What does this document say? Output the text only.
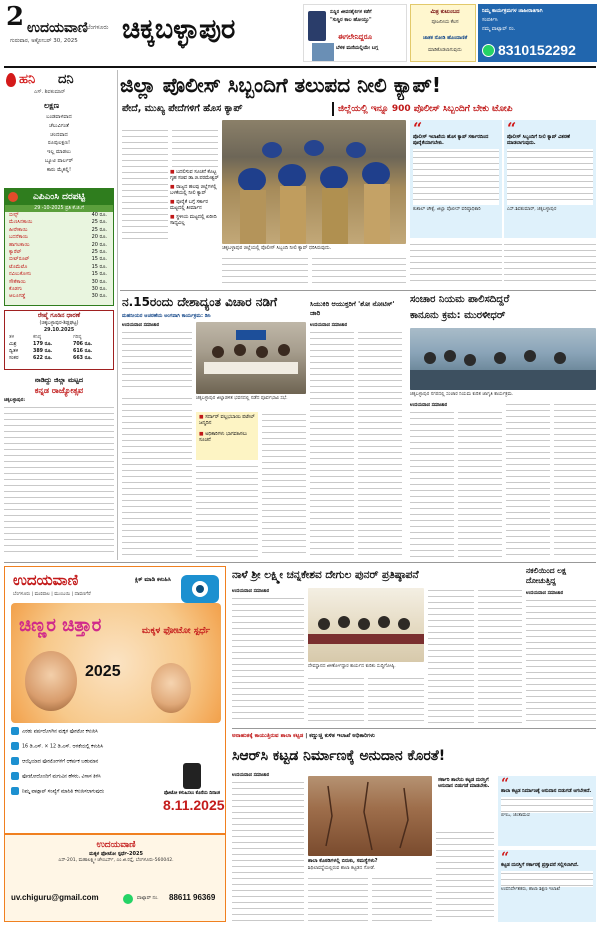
2 ಉದಯವಾಣಿ
ಬೆಂಗಳೂರು
ಗುರುವಾರ, ಅಕ್ಟೋಬರ್ 30, 2025 ಚಿಕ್ಕಬಳ್ಳಾಪುರ
ಸುಸ್ಥಿರ ಜೀವನಶೈಲಿಗಳ ಕಡೆಗೆ
"ಸುಸ್ಥಿರ ಕಾಲ ಹೋಯ್ತು"
ಈಗಲೇನಿದ್ದರೂ
ಬೆಳಕ ಮನೆಯಲ್ಲಿಯೇ ಬಗ್ಗ
ಮಿತ್ರ ಕುಟುಂಬದ
ಪೂಜನೀಯ ಕೆಲಸ
ಜಾತಕ ನೋಡಿ ಹೊಂದಾಣಿಕೆ
ಮಾಡಿಕೊಡಲಾಗುವುದು
ನಿಮ್ಮ ಕಾರ್ಯಕ್ರಮಗಳ ಜಾಹೀರಾತಿಗಾಗಿ
ಸಂಪರ್ಕಿಸಿ
ನಮ್ಮ ವಾಟ್ಸಾಪ್ ನಂ.
8310152292
ಹನಿ ದನಿ
ಎಸ್. ಶಿವಕುಮಾರ್
ಲಕ್ಷಣ
ಬಂಡವಾಳವಾದ
ಚೆಲುವಿಗಂತೆ
ಚಂದವಾದ
ರೂಪುಲಕ್ಷಣ!
ಇಲ್ಲ ಮಾಡಲು
ಬ್ಯೂಟಿ ಪಾರ್ಲರ್
ಕಾರು ಮೈಕಲ್ಲಿ!
ಎಪಿಎಂಸಿ ದರಪಟ್ಟಿ
29 -10-2025 ಪ್ರತಿ ಕೆ.ಜಿ.ಗೆ
ಬೀನ್ಸ್	40 ರೂ.
ಮೆಣಸಿನಕಾಯಿ	25 ರೂ.
ಹೀರೇಕಾಯಿ	25 ರೂ.
ಬದನೆಕಾಯಿ	20 ರೂ.
ಹಾಗಲಕಾಯಿ	20 ರೂ.
ಕ್ಯಾರೆಟ್	25 ರೂ.
ಬೀಟ್‌ರೂಟ್	15 ರೂ.
ಟೊಮೆಟೊ	15 ರೂ.
ನವಿಲುಕೋಸು	15 ರೂ.
ಸೌತೆಕಾಯಿ	30 ರೂ.
ಕೊಡಗು	30 ರೂ.
ಆಲೂಗಡ್ಡೆ	30 ರೂ.
ರೇಷ್ಮೆ ಗೂಡಿನ ಧಾರಣೆ
(ಚಿಕ್ಕಬಳ್ಳಾಪುರ-ಶಿಡ್ಲಘಟ್ಟ)
29.10.2025
ತಳಿ	ಕನಿಷ್ಠ	ಗರಿಷ್ಠ
ಮಿಶ್ರ	179 ರೂ.	706 ರೂ.
ದ್ವಿತಳಿ	389 ರೂ.	616 ರೂ.
ಸಂಕರ	622 ರೂ.	663 ರೂ.
ನಾಡಿದ್ದು ಜಿಲ್ಲಾ ಮಟ್ಟದ
ಕನ್ನಡ ರಾಜ್ಯೋತ್ಸವ
ಚಿಕ್ಕಬಳ್ಳಾಪುರ:
ಜಿಲ್ಲಾ ಪೊಲೀಸ್ ಸಿಬ್ಬಂದಿಗೆ ತಲುಪದ ನೀಲಿ ಕ್ಯಾಪ್!
ಪೇದೆ, ಮುಖ್ಯ ಪೇದೆಗಳಿಗೆ ಹೊಸ ಕ್ಯಾಪ್	ಜಿಲ್ಲೆಯಲ್ಲಿ ಇನ್ನೂ 900 ಪೊಲೀಸ್ ಸಿಬ್ಬಂದಿಗೆ ಬೇಕು ಟೋಪಿ
■ ಬದಲಿಸುವ ಸೂಚನೆ ಕೊಟ್ಟ ಗೃಹ ಸಚಿವ ಡಾ.ಜಿ.ಪರಮೇಶ್ವರ್
■ ರಾಜ್ಯದ ಹಲವು ಜಿಲ್ಲೆಗಳಲ್ಲಿ ಬಳಕೆಯಲ್ಲಿ ನೀಲಿ ಕ್ಯಾಪ್
■ ಪೂರೈಕೆ ಬಗ್ಗೆ ಸರ್ಕಾರ ಮಟ್ಟದಲ್ಲಿ ತೀರ್ಮಾನ
■ ಸ್ಥಳೀಯ ಮಟ್ಟದಲ್ಲಿ ಖರೀದಿ ಸಾಧ್ಯವಿಲ್ಲ
ಚಿಕ್ಕಬಳ್ಳಾಪುರ ಜಿಲ್ಲೆಯಲ್ಲಿ ಪೊಲೀಸ್ ಸಿಬ್ಬಂದಿ ನೀಲಿ ಕ್ಯಾಪ್ ಧರಿಸಿರುವುದು.
“
ಪೊಲೀಸ್ ಇಲಾಖೆಯ ಹೊಸ ಕ್ಯಾಪ್ ಸರ್ಕಾರದಿಂದ ಪೂರೈಕೆಯಾಗಬೇಕು.
ಕುಶಾಲ್ ಚೌಕ್ಸೆ, ಜಿಲ್ಲಾ ಪೊಲೀಸ್ ವರಿಷ್ಠಾಧಿಕಾರಿ
“
ಪೊಲೀಸ್ ಸಿಬ್ಬಂದಿಗೆ ನೀಲಿ ಕ್ಯಾಪ್ ವಿತರಣೆ ಮಾಡಲಾಗುವುದು.
ಎಸ್.ಶಿವಕುಮಾರ್, ಚಿಕ್ಕಬಳ್ಳಾಪುರ
ನ.15ರಂದು ದೇಶಾದ್ಯಂತ ವಿಚಾರ ನಡಿಗೆ
ಮಹನೀಯರ ಆಚರಣೆಯ ಅಂಗವಾಗಿ ಕಾರ್ಯಕ್ರಮ: ಡಿಸಿ
ಉದಯವಾಣಿ ಸಮಾಚಾರ
ಚಿಕ್ಕಬಳ್ಳಾಪುರ ಜಿಲ್ಲಾಡಳಿತ ಭವನದಲ್ಲಿ ನಡೆದ ಪೂರ್ವಭಾವಿ ಸಭೆ.
■ ಸರ್ದಾರ್ ವಲ್ಲಭಬಾಯಿ ಪಟೇಲ್ ಜನ್ಮದಿನ
■ ಅಧಿಕಾರಿಗಳು ಭಾಗವಹಿಸಲು ಸೂಚನೆ
ಸಿಯುಕಿರಿ ಆಯುಕ್ತರಿಗೆ 'ಶೋ ನೋಟಿಸ್' ಜಾರಿ
ಉದಯವಾಣಿ ಸಮಾಚಾರ
ಸಂಚಾರ ನಿಯಮ ಪಾಲಿಸದಿದ್ದರೆ
ಕಾನೂನು ಕ್ರಮ: ಮುರಳೀಧರ್
ಚಿಕ್ಕಬಳ್ಳಾಪುರ ನಗರದಲ್ಲಿ ಸಂಚಾರ ನಿಯಮ ಕುರಿತ ಜಾಗೃತಿ ಕಾರ್ಯಕ್ರಮ.
ಉದಯವಾಣಿ ಸಮಾಚಾರ
ಉದಯವಾಣಿ
ಬೆಂಗಳೂರು | ಮಣಿಪಾಲ | ಮುಂಬಯಿ | ದಾವಣಗೆರೆ
ಕ್ಲಿಕ್ ಮಾಡಿ ಕಳುಹಿಸಿ
ಚಿಣ್ಣರ ಚಿತ್ತಾರ
2025
ಮಕ್ಕಳ ಫೋಟೋ ಸ್ಪರ್ಧೆ
ಎರಡು ವರ್ಷದೊಳಗಿನ ಮಕ್ಕಳ ಫೋಟೋ ಕಳುಹಿಸಿ
16 ಡಿ.ಎಸ್. × 12 ಡಿ.ಎಸ್. ಅಳತೆಯಲ್ಲಿ ಕಳುಹಿಸಿ
ಆಯ್ಕೆಯಾದ ಫೋಟೋಗಳಿಗೆ ಆಕರ್ಷಕ ಬಹುಮಾನ
ಫೋಟೋದೊಂದಿಗೆ ಮಗುವಿನ ಹೆಸರು, ವಿಳಾಸ ತಿಳಿಸಿ
ನಿಮ್ಮ ವಾಟ್ಸಾಪ್ ಸಂಖ್ಯೆಗೆ ಮಾಹಿತಿ ಕಳುಹಿಸಲಾಗುವುದು	ಫೋಟೋ ಕಳುಹಿಸಲು ಕೊನೆಯ ದಿನಾಂಕ
8.11.2025
ಉದಯವಾಣಿ
ಮಕ್ಕಳ ಫೋಟೋ ಸ್ಪರ್ಧೆ-2025
ಎಸ್-201, ಮಹಾಲಕ್ಷ್ಮೀ ಚೇಂಬರ್ಸ್, ಎಂ.ಜಿ.ರಸ್ತೆ, ಬೆಂಗಳೂರು-560042.
uv.chiguru@gmail.com	ವಾಟ್ಸಾಪ್ ನಂ. 88611 96369
ನಾಳೆ ಶ್ರೀ ಲಕ್ಷ್ಮೀ ಚನ್ನಕೇಶವ ದೇಗುಲ ಪುನರ್ ಪ್ರತಿಷ್ಠಾಪನೆ
ಉದಯವಾಣಿ ಸಮಾಚಾರ
ದೇವಸ್ಥಾನದ ಜೀರ್ಣೋದ್ಧಾರ ಕಾರ್ಯದ ಕುರಿತು ಸುದ್ದಿಗೋಷ್ಠಿ.
ನಕಲಿಯಿಂದ ಲಕ್ಷ ದೋಚುತ್ತಿದ್ದ
ಉದಯವಾಣಿ ಸಮಾಚಾರ
ಅನಾಹುತಕ್ಕೆ ಕಾಯುತ್ತಿರುವ ಶಾಲಾ ಕಟ್ಟಡ | ಕಣ್ಣುಚ್ಚಿ ಕುಳಿತ ಇಲಾಖೆ ಅಧಿಕಾರಿಗಳು
ಸಿಆರ್‌ಸಿ ಕಟ್ಟಡ ನಿರ್ಮಾಣಕ್ಕೆ ಅನುದಾನ ಕೊರತೆ!
ಉದಯವಾಣಿ ಸಮಾಚಾರ
ಶಾಲಾ ಕೊಠಡಿಗಳಲ್ಲಿ ಬಿರುಕು, ಸಮಸ್ಯೆಗಳು?
ಶಿಥಿಲಾವಸ್ಥೆಯಲ್ಲಿರುವ ಶಾಲಾ ಕಟ್ಟಡದ ಗೋಡೆ.
ಸರ್ಕಾರಿ ಶಾಲೆಯ ಕಟ್ಟಡ ದುರಸ್ತಿಗೆ ಅನುದಾನ ಬಿಡುಗಡೆ ಮಾಡಬೇಕು. “
ಶಾಲಾ ಕಟ್ಟಡ ನಿರ್ಮಾಣಕ್ಕೆ ಅನುದಾನ ಬಿಡುಗಡೆ ಆಗಬೇಕಿದೆ.
ಬಿಇಒ, ಚಿಂತಾಮಣಿ
“
ಕಟ್ಟಡ ದುರಸ್ತಿಗೆ ಸರ್ಕಾರಕ್ಕೆ ಪ್ರಸ್ತಾವನೆ ಸಲ್ಲಿಸಲಾಗಿದೆ.
ಉಪನಿರ್ದೇಶಕರು, ಶಾಲಾ ಶಿಕ್ಷಣ ಇಲಾಖೆ
